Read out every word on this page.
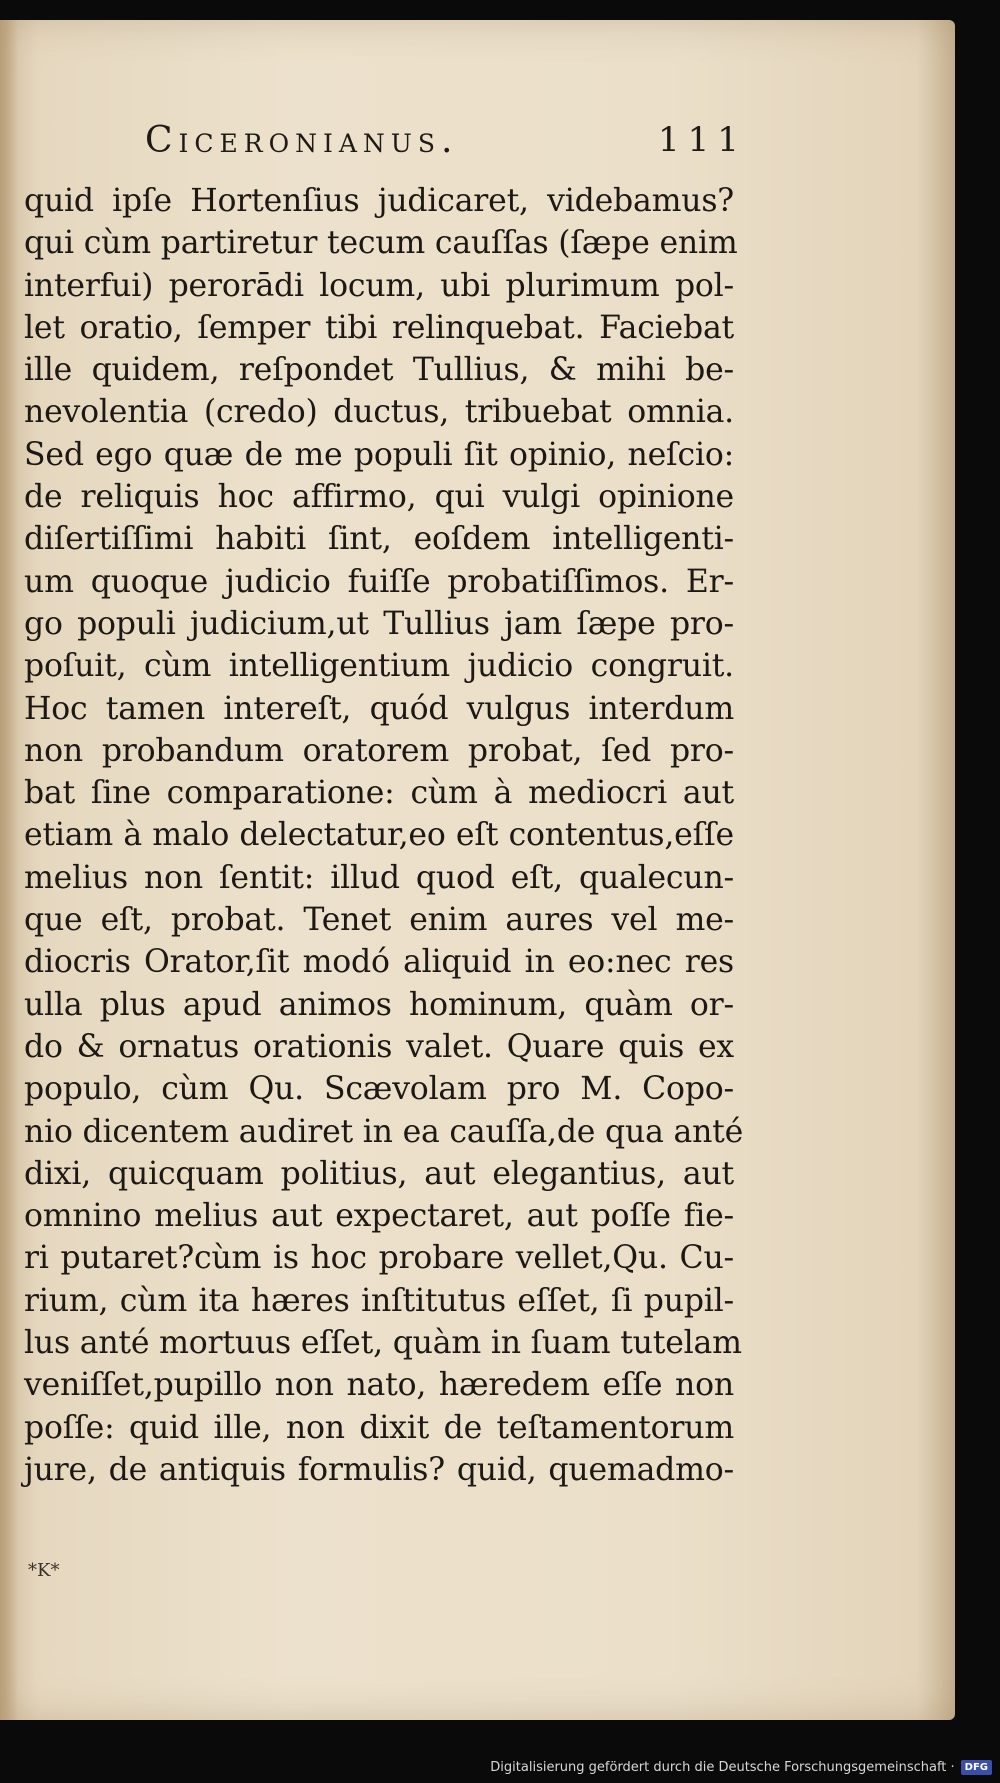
Ciceronianus.	111
quid ipſe Hortenſius judicaret, videbamus?
qui cùm partiretur tecum cauſſas (ſæpe enim
interfui) perorādi locum, ubi plurimum pol-
let oratio, ſemper tibi relinquebat. Faciebat
ille quidem, reſpondet Tullius, & mihi be-
nevolentia (credo) ductus, tribuebat omnia.
Sed ego quæ de me populi ſit opinio, neſcio:
de reliquis hoc affirmo, qui vulgi opinione
diſertiſſimi habiti ſint, eoſdem intelligenti-
um quoque judicio fuiſſe probatiſſimos. Er-
go populi judicium,ut Tullius jam ſæpe pro-
poſuit, cùm intelligentium judicio congruit.
Hoc tamen intereſt, quód vulgus interdum
non probandum oratorem probat, ſed pro-
bat ſine comparatione: cùm à mediocri aut
etiam à malo delectatur,eo eſt contentus,eſſe
melius non ſentit: illud quod eſt, qualecun-
que eſt, probat. Tenet enim aures vel me-
diocris Orator,ſit modó aliquid in eo:nec res
ulla plus apud animos hominum, quàm or-
do & ornatus orationis valet. Quare quis ex
populo, cùm Qu. Scævolam pro M. Copo-
nio dicentem audiret in ea cauſſa,de qua anté
dixi, quicquam politius, aut elegantius, aut
omnino melius aut expectaret, aut poſſe fie-
ri putaret?cùm is hoc probare vellet,Qu. Cu-
rium, cùm ita hæres inſtitutus eſſet, ſi pupil-
lus anté mortuus eſſet, quàm in ſuam tutelam
veniſſet,pupillo non nato, hæredem eſſe non
poſſe: quid ille, non dixit de teſtamentorum
jure, de antiquis formulis? quid, quemadmo-
*K*
Digitalisierung gefördert durch die Deutsche Forschungsgemeinschaft ·	DFG
